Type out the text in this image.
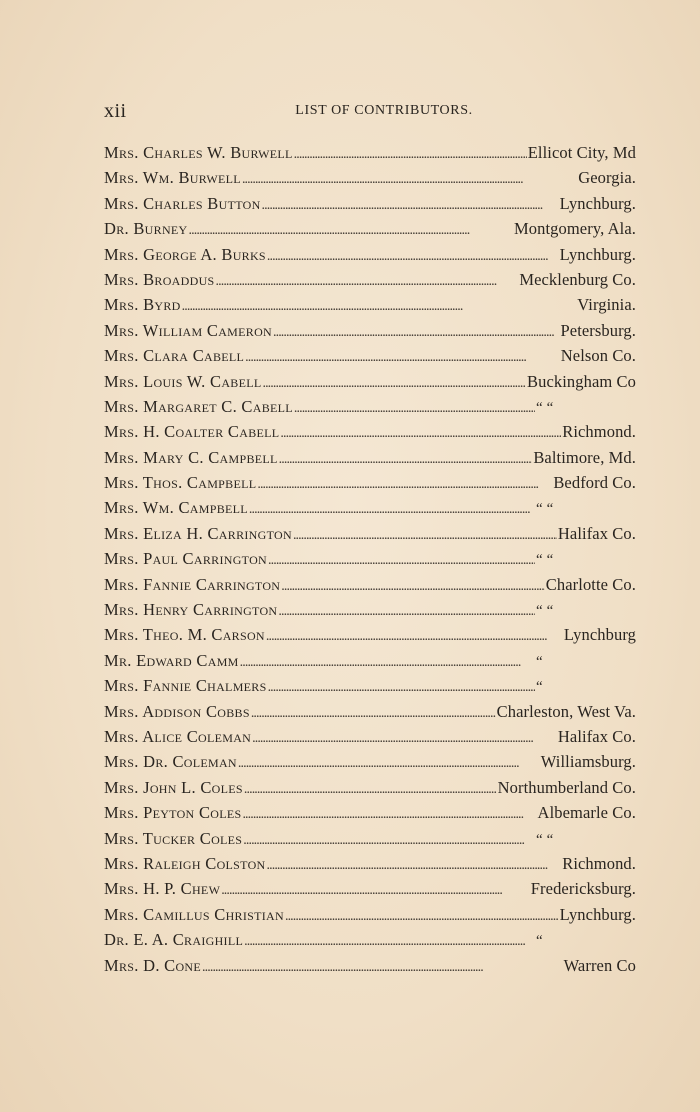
xii	LIST OF CONTRIBUTORS.
Mrs. Charles W. Burwell . . .	Ellicot City, Md
Mrs. Wm. Burwell . . .	Georgia.
Mrs. Charles Button . . .	Lynchburg.
Dr. Burney . . .	Montgomery, Ala.
Mrs. George A. Burks . . .	Lynchburg.
Mrs. Broaddus . . .	Mecklenburg Co.
Mrs. Byrd . . .	Virginia.
Mrs. William Cameron . . .	Petersburg.
Mrs. Clara Cabell . . .	Nelson Co.
Mrs. Louis W. Cabell . . .	Buckingham Co
Mrs. Margaret C. Cabell . . .	“ “
Mrs. H. Coalter Cabell . . .	Richmond.
Mrs. Mary C. Campbell . . .	Baltimore, Md.
Mrs. Thos. Campbell . . .	Bedford Co.
Mrs. Wm. Campbell . . .	“ “
Mrs. Eliza H. Carrington . . .	Halifax Co.
Mrs. Paul Carrington . . .	“ “
Mrs. Fannie Carrington . . .	Charlotte Co.
Mrs. Henry Carrington . . .	“ “
Mrs. Theo. M. Carson . . .	Lynchburg
Mr. Edward Camm . . .	“
Mrs. Fannie Chalmers . . .	“
Mrs. Addison Cobbs . . .	Charleston, West Va.
Mrs. Alice Coleman . . .	Halifax Co.
Mrs. Dr. Coleman . . .	Williamsburg.
Mrs. John L. Coles . . .	Northumberland Co.
Mrs. Peyton Coles . . .	Albemarle Co.
Mrs. Tucker Coles . . .	“ “
Mrs. Raleigh Colston . . .	Richmond.
Mrs. H. P. Chew . . .	Fredericksburg.
Mrs. Camillus Christian . . .	Lynchburg.
Dr. E. A. Craighill . . .	“
Mrs. D. Cone . . .	Warren Co
